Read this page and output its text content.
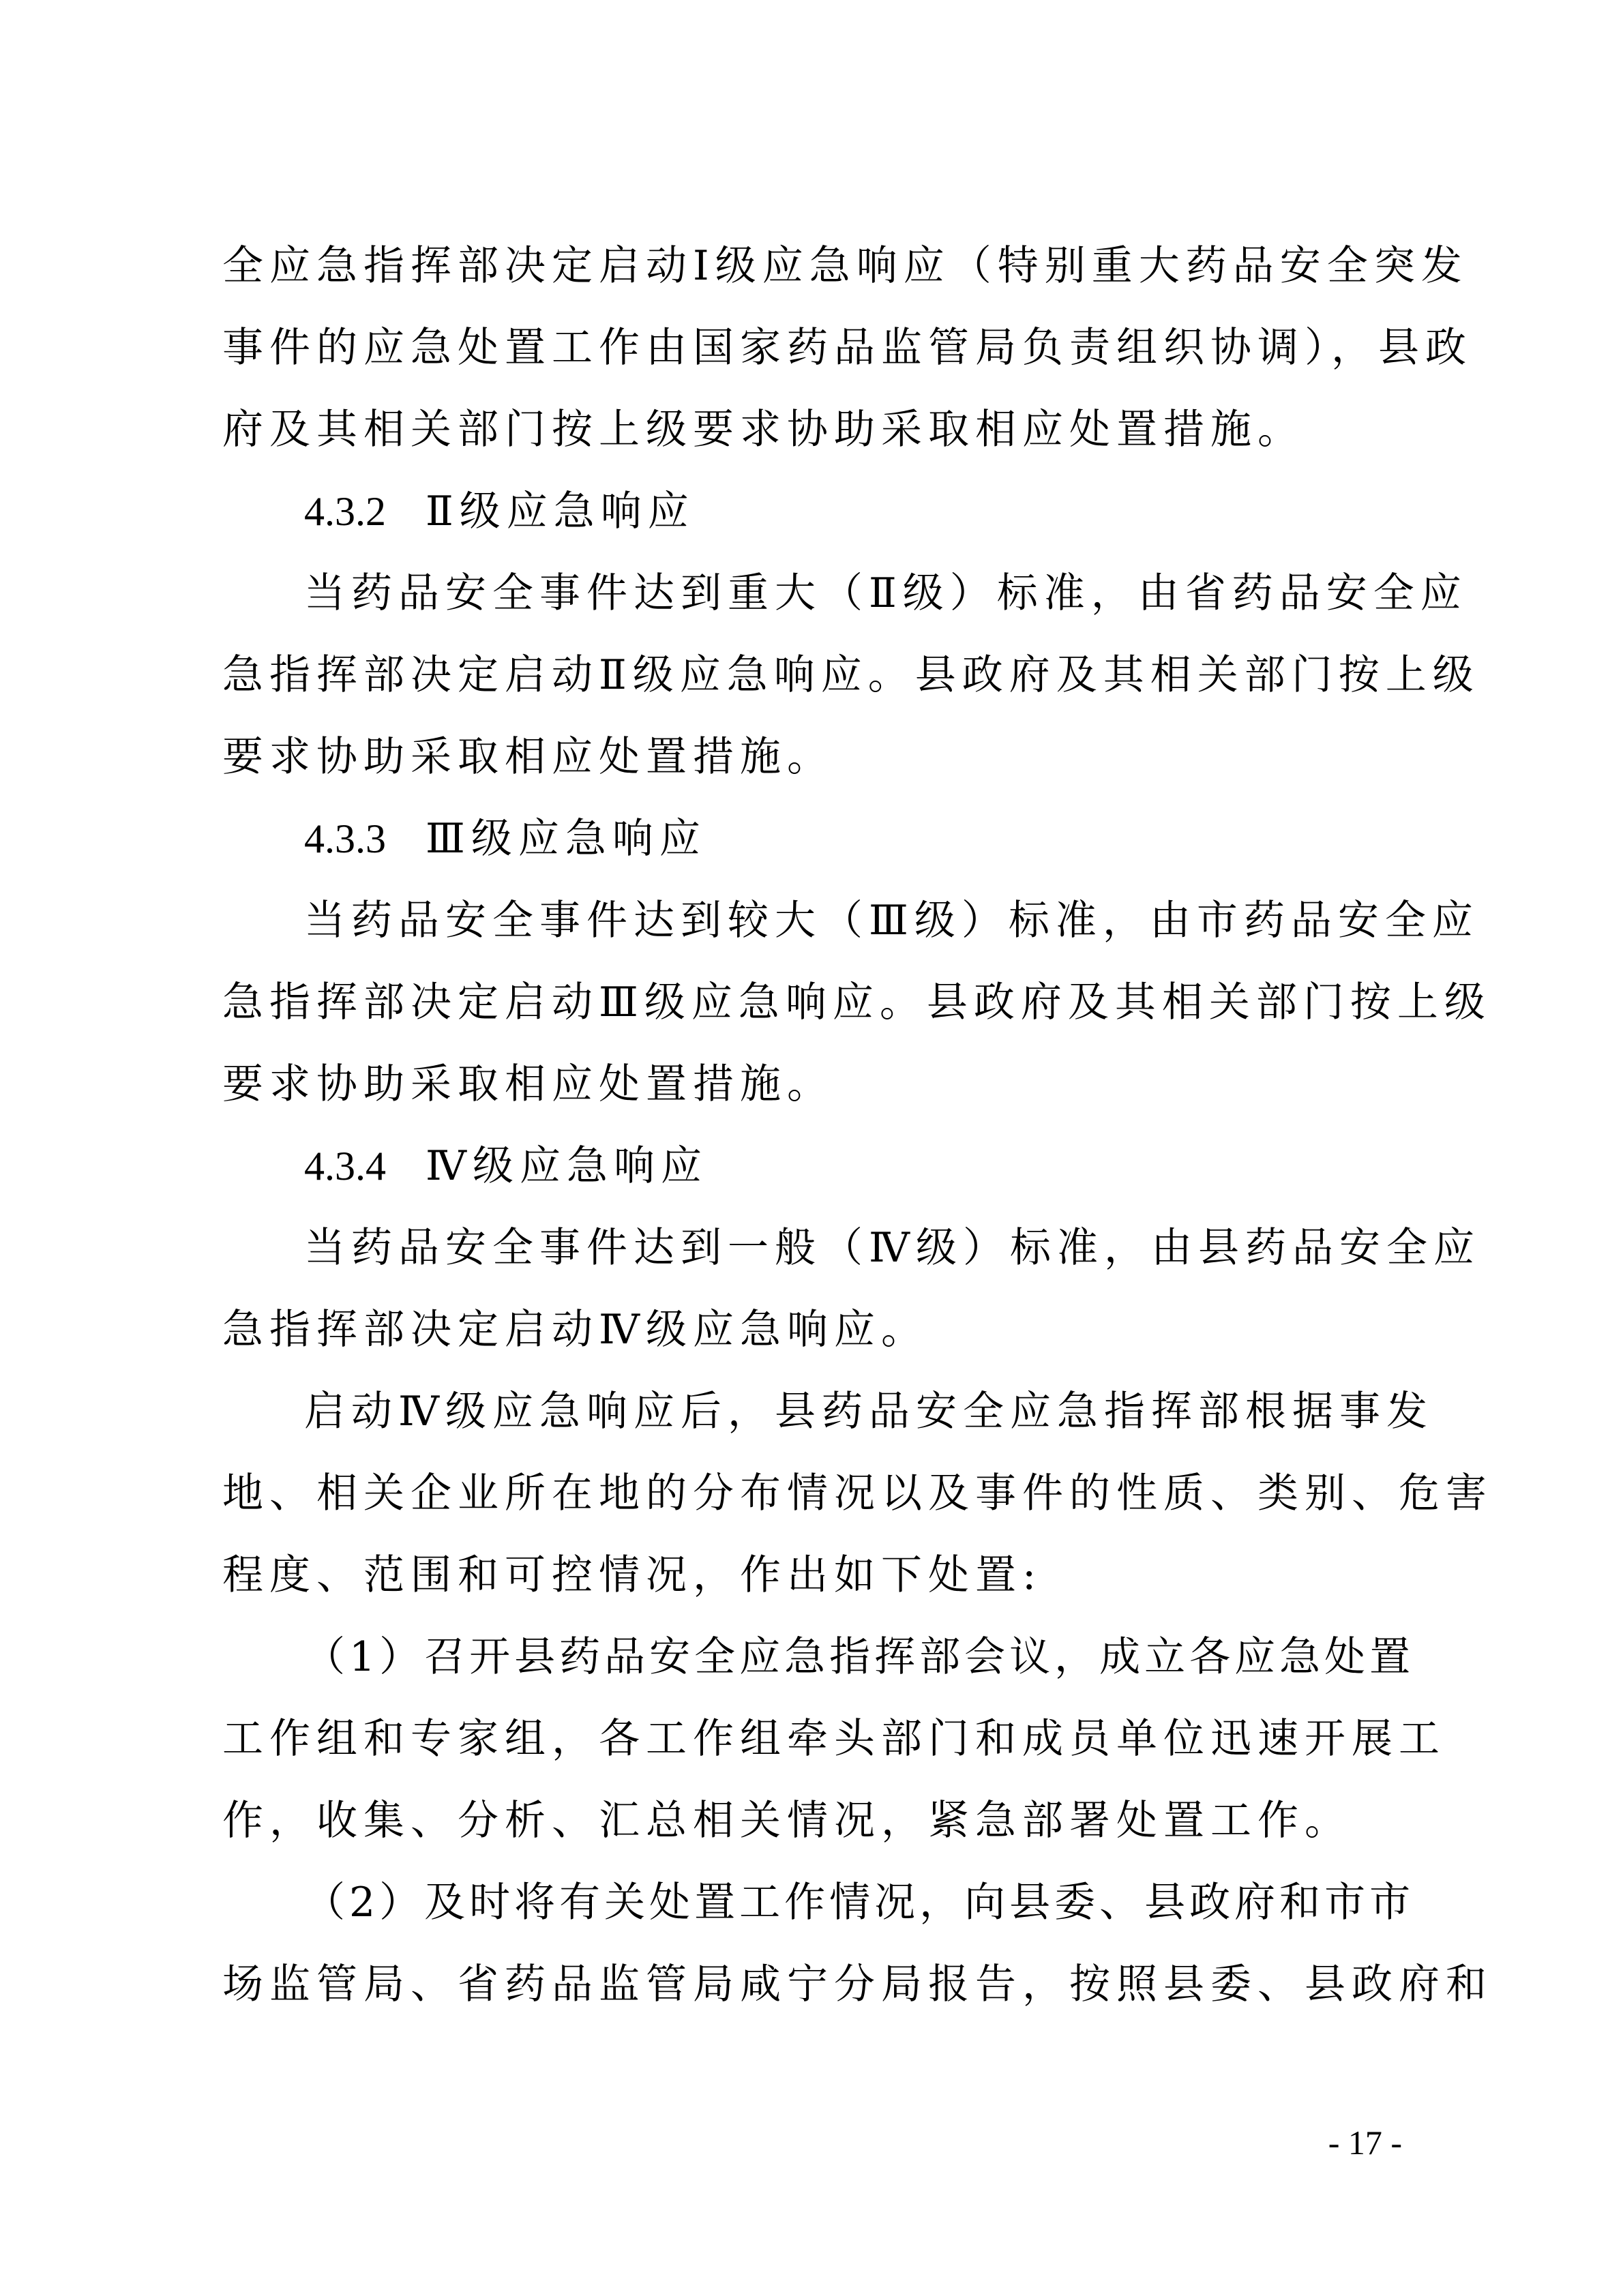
全应急指挥部决定启动Ⅰ级应急响应（特别重大药品安全突发
事件的应急处置工作由国家药品监管局负责组织协调），县政
府及其相关部门按上级要求协助采取相应处置措施。
4.3.2 Ⅱ级应急响应
当药品安全事件达到重大（Ⅱ级）标准，由省药品安全应
急指挥部决定启动Ⅱ级应急响应。县政府及其相关部门按上级
要求协助采取相应处置措施。
4.3.3 Ⅲ级应急响应
当药品安全事件达到较大（Ⅲ级）标准，由市药品安全应
急指挥部决定启动Ⅲ级应急响应。县政府及其相关部门按上级
要求协助采取相应处置措施。
4.3.4 Ⅳ级应急响应
当药品安全事件达到一般（Ⅳ级）标准，由县药品安全应
急指挥部决定启动Ⅳ级应急响应。
启动Ⅳ级应急响应后，县药品安全应急指挥部根据事发
地、相关企业所在地的分布情况以及事件的性质、类别、危害
程度、范围和可控情况，作出如下处置:
（1）召开县药品安全应急指挥部会议，成立各应急处置
工作组和专家组，各工作组牵头部门和成员单位迅速开展工
作，收集、分析、汇总相关情况，紧急部署处置工作。
（2）及时将有关处置工作情况，向县委、县政府和市市
场监管局、省药品监管局咸宁分局报告，按照县委、县政府和
- 17 -
